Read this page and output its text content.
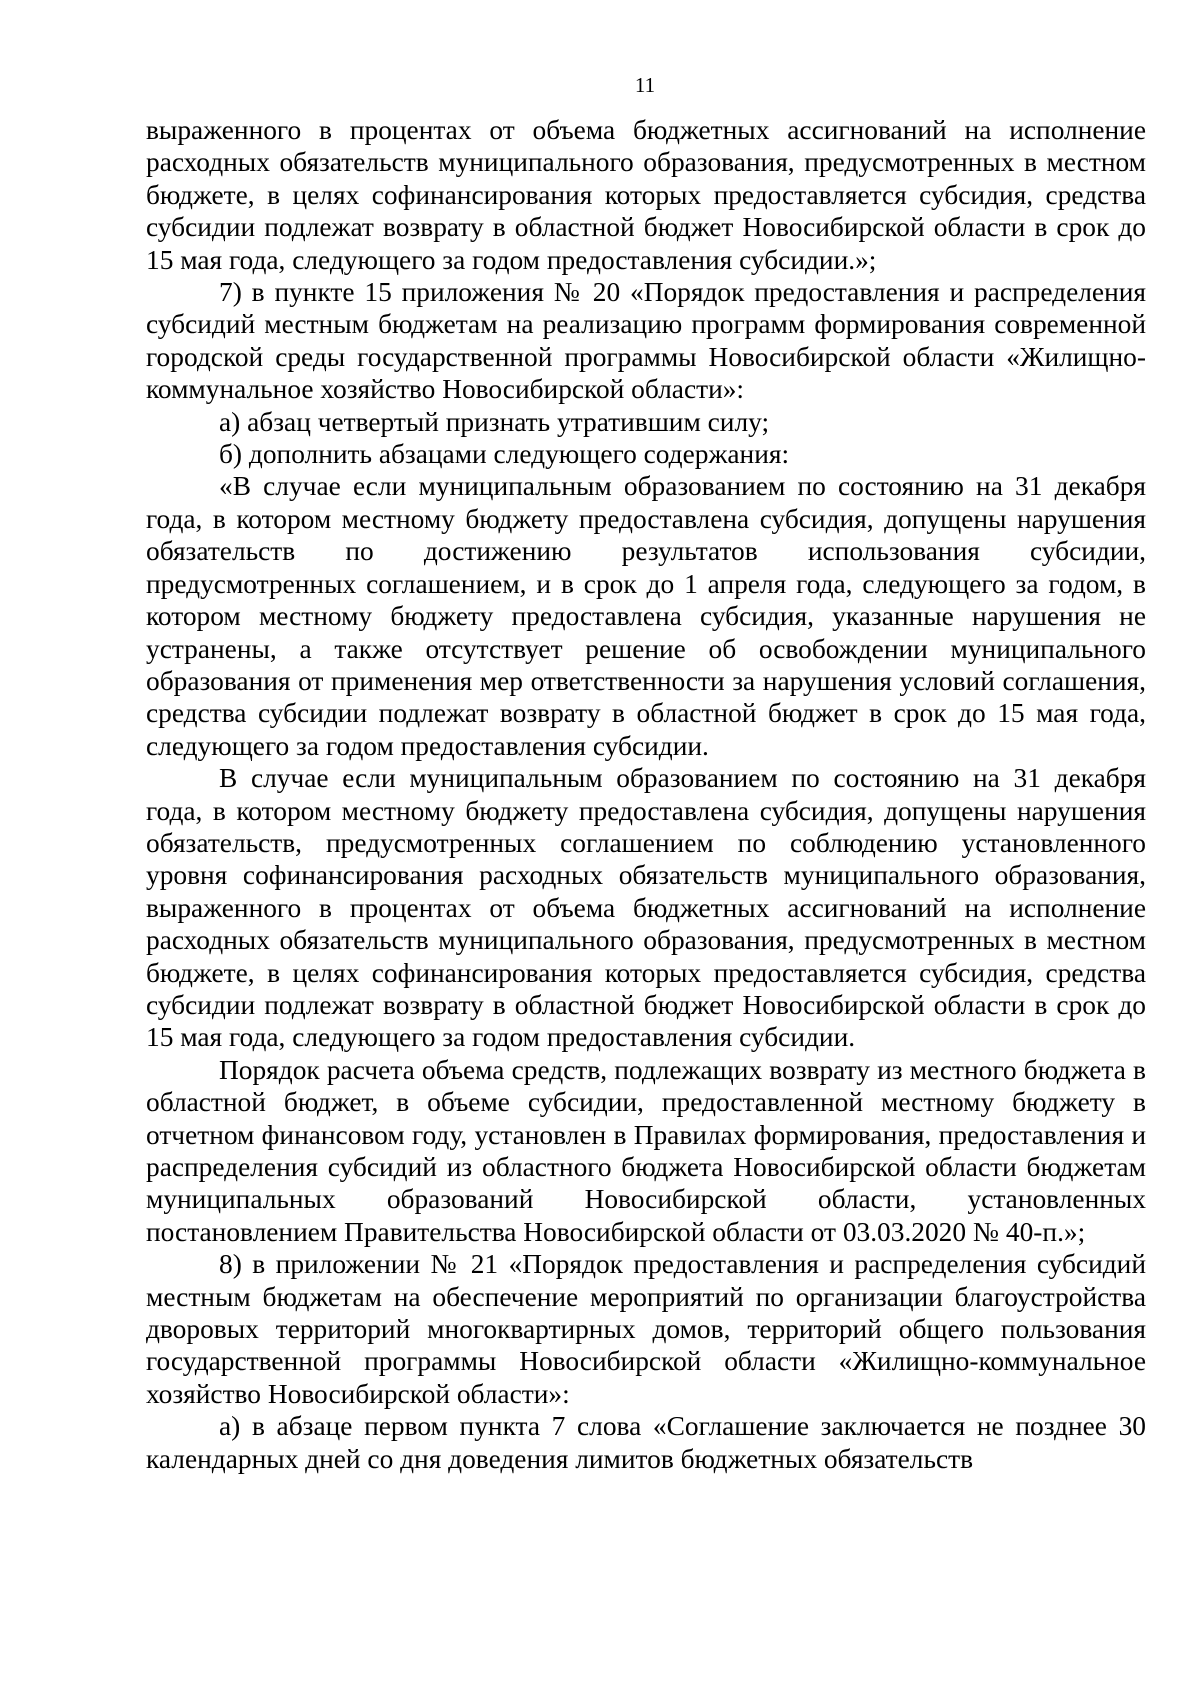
11

выраженного в процентах от объема бюджетных ассигнований на исполнение расходных обязательств муниципального образования, предусмотренных в местном бюджете, в целях софинансирования которых предоставляется субсидия, средства субсидии подлежат возврату в областной бюджет Новосибирской области в срок до 15 мая года, следующего за годом предоставления субсидии.»;

7) в пункте 15 приложения № 20 «Порядок предоставления и распределения субсидий местным бюджетам на реализацию программ формирования современной городской среды государственной программы Новосибирской области «Жилищно-коммунальное хозяйство Новосибирской области»:

а) абзац четвертый признать утратившим силу;

б) дополнить абзацами следующего содержания:

«В случае если муниципальным образованием по состоянию на 31 декабря года, в котором местному бюджету предоставлена субсидия, допущены нарушения обязательств по достижению результатов использования субсидии, предусмотренных соглашением, и в срок до 1 апреля года, следующего за годом, в котором местному бюджету предоставлена субсидия, указанные нарушения не устранены, а также отсутствует решение об освобождении муниципального образования от применения мер ответственности за нарушения условий соглашения, средства субсидии подлежат возврату в областной бюджет в срок до 15 мая года, следующего за годом предоставления субсидии.

В случае если муниципальным образованием по состоянию на 31 декабря года, в котором местному бюджету предоставлена субсидия, допущены нарушения обязательств, предусмотренных соглашением по соблюдению установленного уровня софинансирования расходных обязательств муниципального образования, выраженного в процентах от объема бюджетных ассигнований на исполнение расходных обязательств муниципального образования, предусмотренных в местном бюджете, в целях софинансирования которых предоставляется субсидия, средства субсидии подлежат возврату в областной бюджет Новосибирской области в срок до 15 мая года, следующего за годом предоставления субсидии.

Порядок расчета объема средств, подлежащих возврату из местного бюджета в областной бюджет, в объеме субсидии, предоставленной местному бюджету в отчетном финансовом году, установлен в Правилах формирования, предоставления и распределения субсидий из областного бюджета Новосибирской области бюджетам муниципальных образований Новосибирской области, установленных постановлением Правительства Новосибирской области от 03.03.2020 № 40-п.»;

8) в приложении № 21 «Порядок предоставления и распределения субсидий местным бюджетам на обеспечение мероприятий по организации благоустройства дворовых территорий многоквартирных домов, территорий общего пользования государственной программы Новосибирской области «Жилищно-коммунальное хозяйство Новосибирской области»:

а) в абзаце первом пункта 7 слова «Соглашение заключается не позднее 30 календарных дней со дня доведения лимитов бюджетных обязательств
